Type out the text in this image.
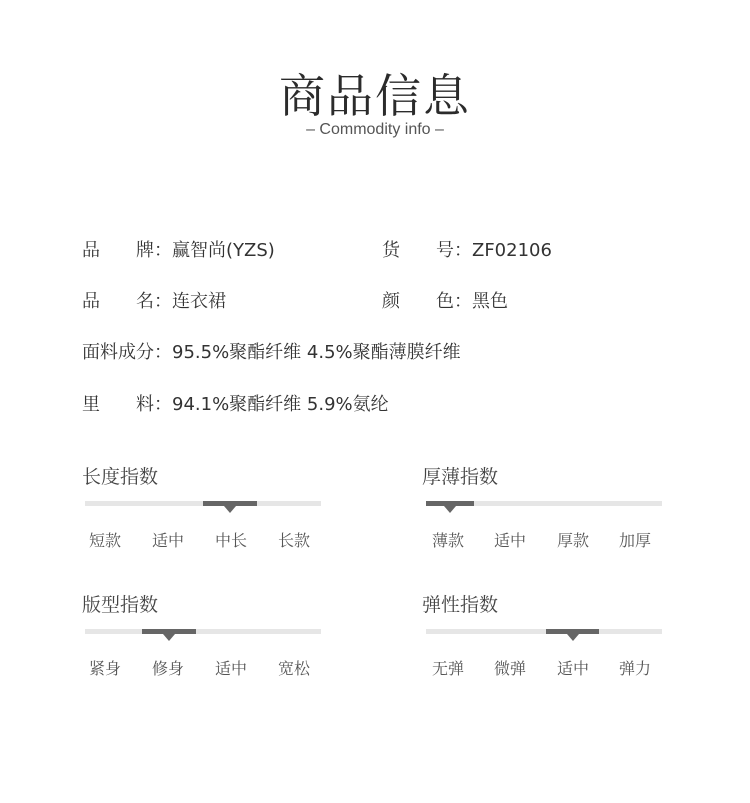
商品信息
– Commodity info –
品　　牌：赢智尚(YZS)	货　　号：ZF02106
品　　名：连衣裙	颜　　色：黑色
面料成分：95.5%聚酯纤维 4.5%聚酯薄膜纤维
里　　料：94.1%聚酯纤维 5.9%氨纶
长度指数
短款	适中	中长	长款
厚薄指数
薄款	适中	厚款	加厚
版型指数
紧身	修身	适中	宽松
弹性指数
无弹	微弹	适中	弹力
